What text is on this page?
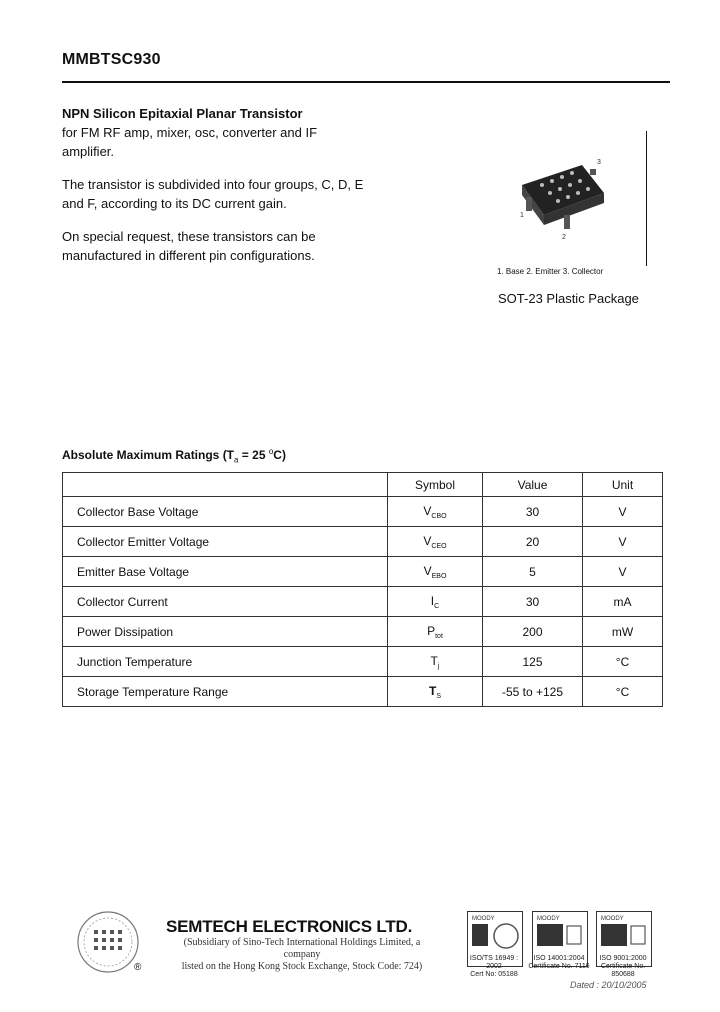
MMBTSC930

NPN Silicon Epitaxial Planar Transistor
for FM RF amp, mixer, osc, converter and IF amplifier.

The transistor is subdivided into four groups, C, D, E and F, according to its DC current gain.

On special request, these transistors can be manufactured in different pin configurations.

3
1
2
1. Base 2. Emitter 3. Collector
SOT-23 Plastic Package
Absolute Maximum Ratings ($T_a = 25$ $^o$C)
	Symbol	Value	Unit
Collector Base Voltage	$V_{CBO}$	30	V
Collector Emitter Voltage	$V_{CEO}$	20	V
Emitter Base Voltage	$V_{EBO}$	5	V
Collector Current	$I_C$	30	mA
Power Dissipation	$P_{tot}$	200	mW
Junction Temperature	$T_j$	125	°C
Storage Temperature Range	$T_S$	-55 to +125	°C
®
SEMTECH ELECTRONICS LTD.
(Subsidiary of Sino-Tech International Holdings Limited, a company
listed on the Hong Kong Stock Exchange, Stock Code: 724)
MOODY
ISO/TS 16949 : 2002
Cert No: 05188
MOODY
ISO 14001:2004
Certificate No. 7116
MOODY
ISO 9001:2000
Certificate No. 850688
Dated : 20/10/2005
